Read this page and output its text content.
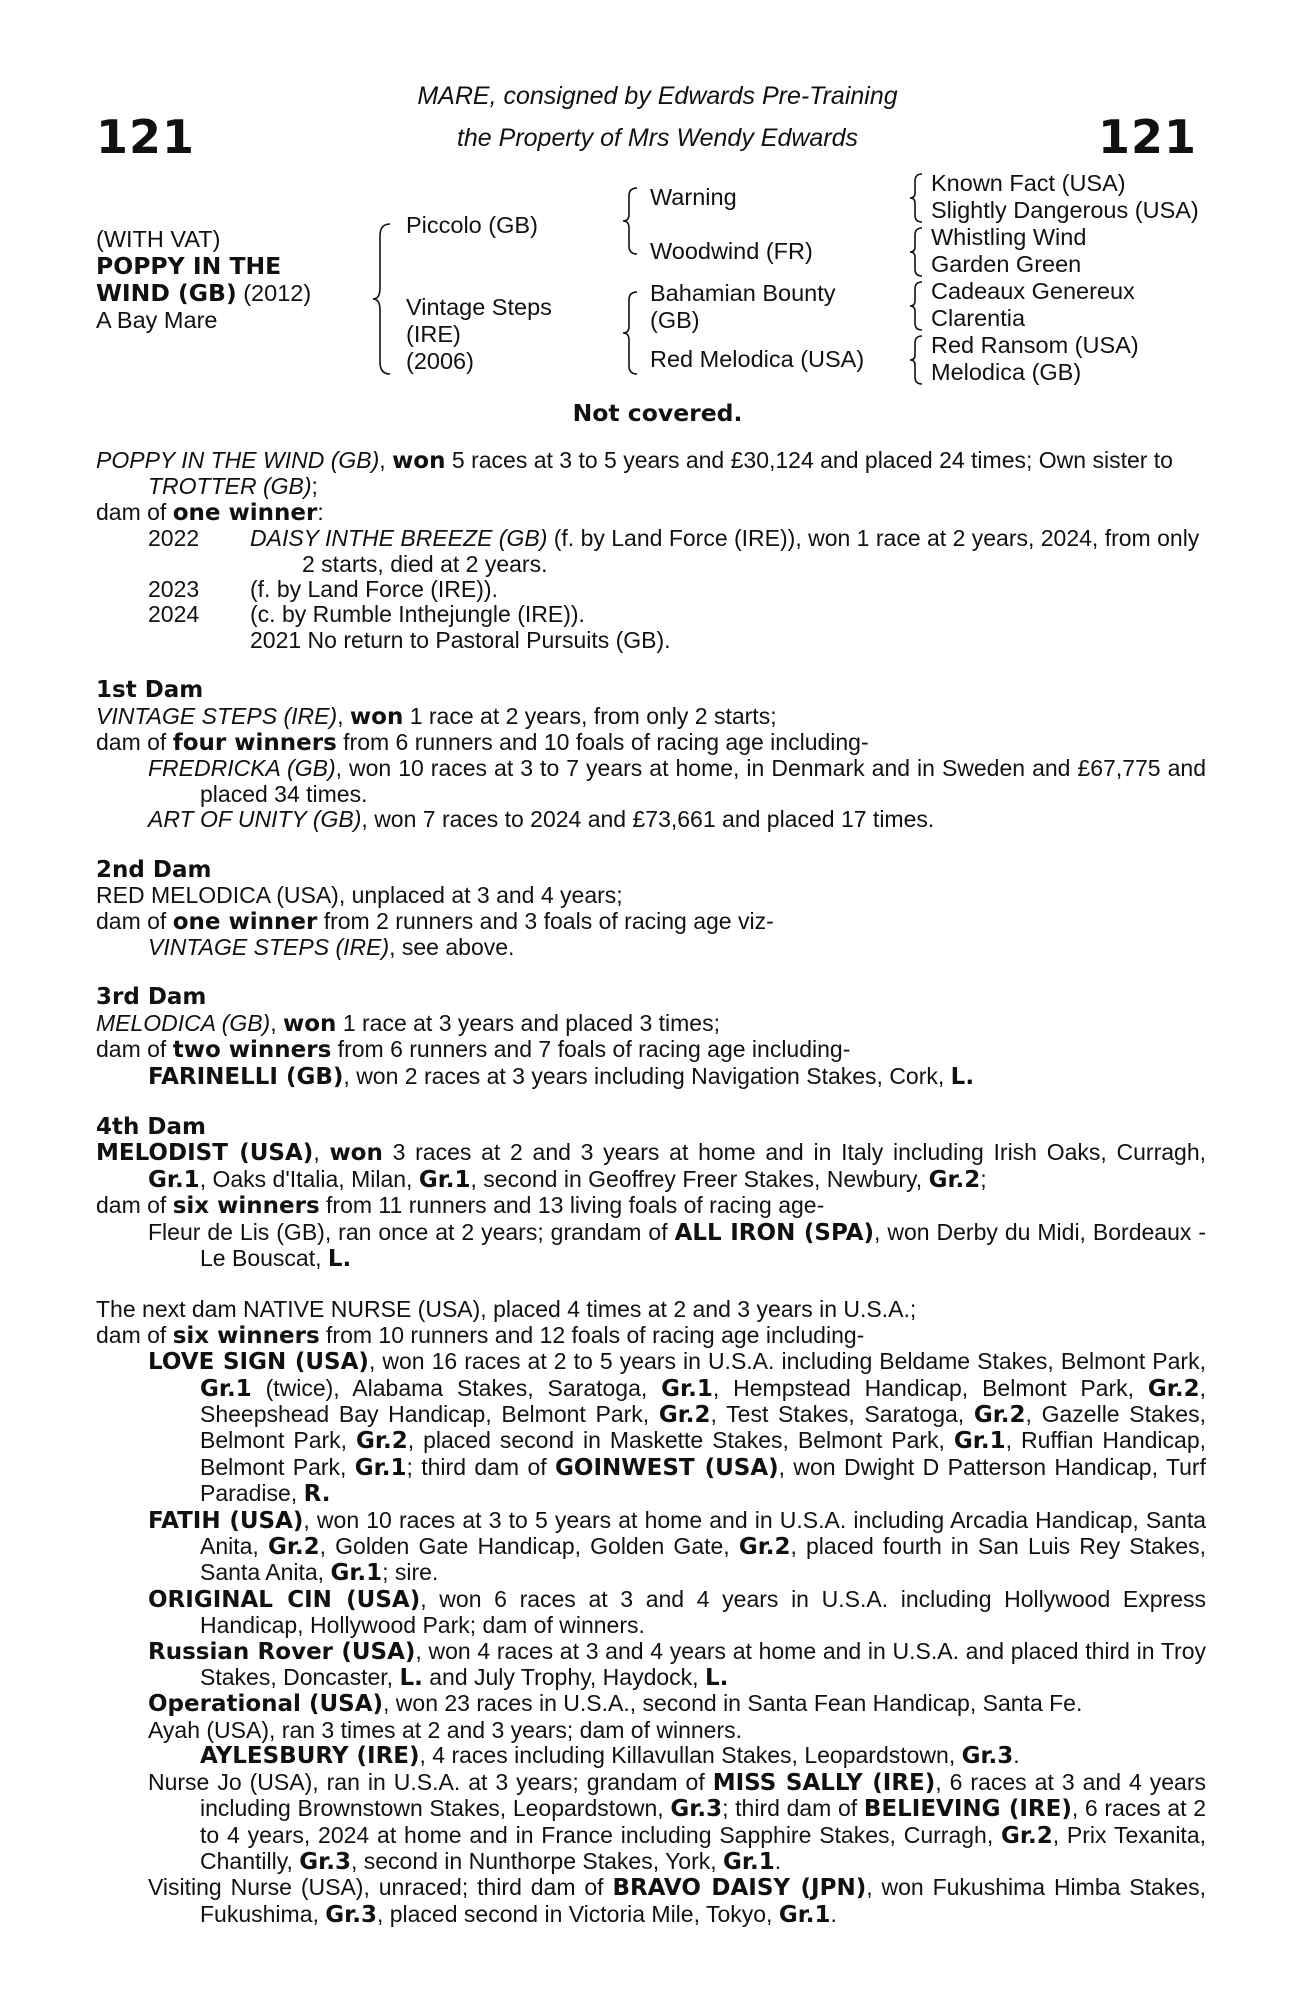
121	121
MARE, consigned by Edwards Pre-Training
the Property of Mrs Wendy Edwards
(WITH VAT)
POPPY IN THE
WIND (GB) (2012)
A Bay Mare
Piccolo (GB)
Vintage Steps
(IRE)
(2006)
Warning
Woodwind (FR)
Bahamian Bounty
(GB)
Red Melodica (USA)
Known Fact (USA)
Slightly Dangerous (USA)
Whistling Wind
Garden Green
Cadeaux Genereux
Clarentia
Red Ransom (USA)
Melodica (GB)
Not covered.

POPPY IN THE WIND (GB), won 5 races at 3 to 5 years and £30,124 and placed 24 times; Own sister to TROTTER (GB);

dam of one winner:

2022 DAISY INTHE BREEZE (GB) (f. by Land Force (IRE)), won 1 race at 2 years, 2024, from only 2 starts, died at 2 years.

2023 (f. by Land Force (IRE)).

2024 (c. by Rumble Inthejungle (IRE)).

2021 No return to Pastoral Pursuits (GB).

1st Dam

VINTAGE STEPS (IRE), won 1 race at 2 years, from only 2 starts;

dam of four winners from 6 runners and 10 foals of racing age including-

FREDRICKA (GB), won 10 races at 3 to 7 years at home, in Denmark and in Sweden and £67,775 and placed 34 times.

ART OF UNITY (GB), won 7 races to 2024 and £73,661 and placed 17 times.

2nd Dam

RED MELODICA (USA), unplaced at 3 and 4 years;

dam of one winner from 2 runners and 3 foals of racing age viz-

VINTAGE STEPS (IRE), see above.

3rd Dam

MELODICA (GB), won 1 race at 3 years and placed 3 times;

dam of two winners from 6 runners and 7 foals of racing age including-

FARINELLI (GB), won 2 races at 3 years including Navigation Stakes, Cork, L.

4th Dam

MELODIST (USA), won 3 races at 2 and 3 years at home and in Italy including Irish Oaks, Curragh, Gr.1, Oaks d'Italia, Milan, Gr.1, second in Geoffrey Freer Stakes, Newbury, Gr.2;

dam of six winners from 11 runners and 13 living foals of racing age-

Fleur de Lis (GB), ran once at 2 years; grandam of ALL IRON (SPA), won Derby du Midi, Bordeaux - Le Bouscat, L.

The next dam NATIVE NURSE (USA), placed 4 times at 2 and 3 years in U.S.A.;

dam of six winners from 10 runners and 12 foals of racing age including-

LOVE SIGN (USA), won 16 races at 2 to 5 years in U.S.A. including Beldame Stakes, Belmont Park, Gr.1 (twice), Alabama Stakes, Saratoga, Gr.1, Hempstead Handicap, Belmont Park, Gr.2, Sheepshead Bay Handicap, Belmont Park, Gr.2, Test Stakes, Saratoga, Gr.2, Gazelle Stakes, Belmont Park, Gr.2, placed second in Maskette Stakes, Belmont Park, Gr.1, Ruffian Handicap, Belmont Park, Gr.1; third dam of GOINWEST (USA), won Dwight D Patterson Handicap, Turf Paradise, R.

FATIH (USA), won 10 races at 3 to 5 years at home and in U.S.A. including Arcadia Handicap, Santa Anita, Gr.2, Golden Gate Handicap, Golden Gate, Gr.2, placed fourth in San Luis Rey Stakes, Santa Anita, Gr.1; sire.

ORIGINAL CIN (USA), won 6 races at 3 and 4 years in U.S.A. including Hollywood Express Handicap, Hollywood Park; dam of winners.

Russian Rover (USA), won 4 races at 3 and 4 years at home and in U.S.A. and placed third in Troy Stakes, Doncaster, L. and July Trophy, Haydock, L.

Operational (USA), won 23 races in U.S.A., second in Santa Fean Handicap, Santa Fe.

Ayah (USA), ran 3 times at 2 and 3 years; dam of winners.

AYLESBURY (IRE), 4 races including Killavullan Stakes, Leopardstown, Gr.3.

Nurse Jo (USA), ran in U.S.A. at 3 years; grandam of MISS SALLY (IRE), 6 races at 3 and 4 years including Brownstown Stakes, Leopardstown, Gr.3; third dam of BELIEVING (IRE), 6 races at 2 to 4 years, 2024 at home and in France including Sapphire Stakes, Curragh, Gr.2, Prix Texanita, Chantilly, Gr.3, second in Nunthorpe Stakes, York, Gr.1.

Visiting Nurse (USA), unraced; third dam of BRAVO DAISY (JPN), won Fukushima Himba Stakes, Fukushima, Gr.3, placed second in Victoria Mile, Tokyo, Gr.1.
